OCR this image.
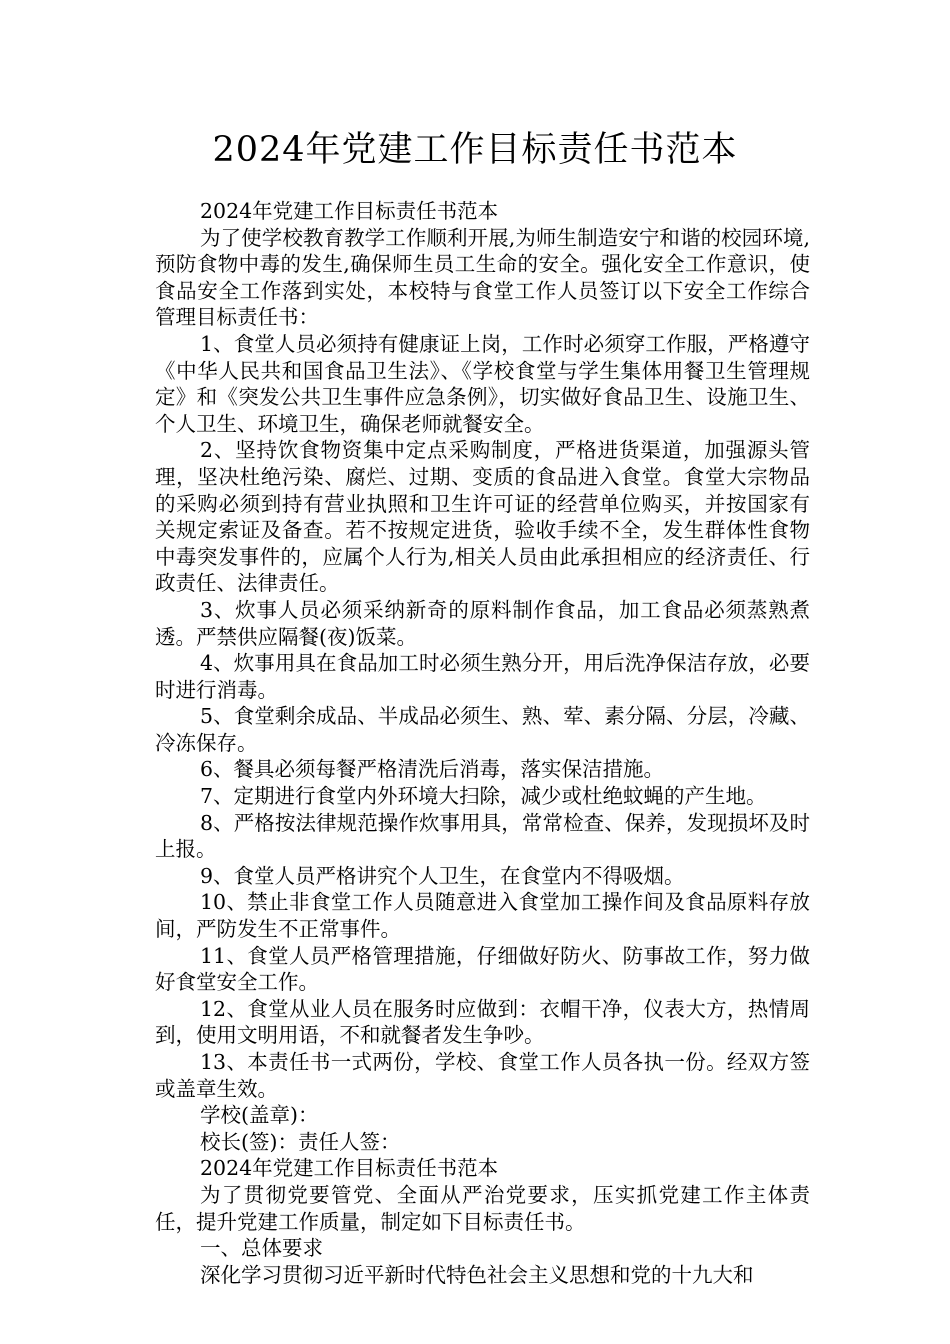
2024年党建工作目标责任书范本

2024年党建工作目标责任书范本

为了使学校教育教学工作顺利开展,为师生制造安宁和谐的校园环境,预防食物中毒的发生,确保师生员工生命的安全。强化安全工作意识，使食品安全工作落到实处，本校特与食堂工作人员签订以下安全工作综合管理目标责任书：

1、食堂人员必须持有健康证上岗，工作时必须穿工作服，严格遵守《中华人民共和国食品卫生法》、《学校食堂与学生集体用餐卫生管理规定》和《突发公共卫生事件应急条例》，切实做好食品卫生、设施卫生、个人卫生、环境卫生，确保老师就餐安全。

2、坚持饮食物资集中定点采购制度，严格进货渠道，加强源头管理，坚决杜绝污染、腐烂、过期、变质的食品进入食堂。食堂大宗物品的采购必须到持有营业执照和卫生许可证的经营单位购买，并按国家有关规定索证及备查。若不按规定进货，验收手续不全，发生群体性食物中毒突发事件的，应属个人行为,相关人员由此承担相应的经济责任、行政责任、法律责任。

3、炊事人员必须采纳新奇的原料制作食品，加工食品必须蒸熟煮透。严禁供应隔餐(夜)饭菜。

4、炊事用具在食品加工时必须生熟分开，用后洗净保洁存放，必要时进行消毒。

5、食堂剩余成品、半成品必须生、熟、荤、素分隔、分层，冷藏、冷冻保存。

6、餐具必须每餐严格清洗后消毒，落实保洁措施。

7、定期进行食堂内外环境大扫除，减少或杜绝蚊蝇的产生地。

8、严格按法律规范操作炊事用具，常常检查、保养，发现损坏及时上报。

9、食堂人员严格讲究个人卫生，在食堂内不得吸烟。

10、禁止非食堂工作人员随意进入食堂加工操作间及食品原料存放间，严防发生不正常事件。

11、食堂人员严格管理措施，仔细做好防火、防事故工作，努力做好食堂安全工作。

12、食堂从业人员在服务时应做到：衣帽干净，仪表大方，热情周到，使用文明用语，不和就餐者发生争吵。

13、本责任书一式两份，学校、食堂工作人员各执一份。经双方签或盖章生效。

学校(盖章)：

校长(签)：责任人签：

2024年党建工作目标责任书范本

为了贯彻党要管党、全面从严治党要求，压实抓党建工作主体责任，提升党建工作质量，制定如下目标责任书。

一、总体要求

深化学习贯彻习近平新时代特色社会主义思想和党的十九大和
